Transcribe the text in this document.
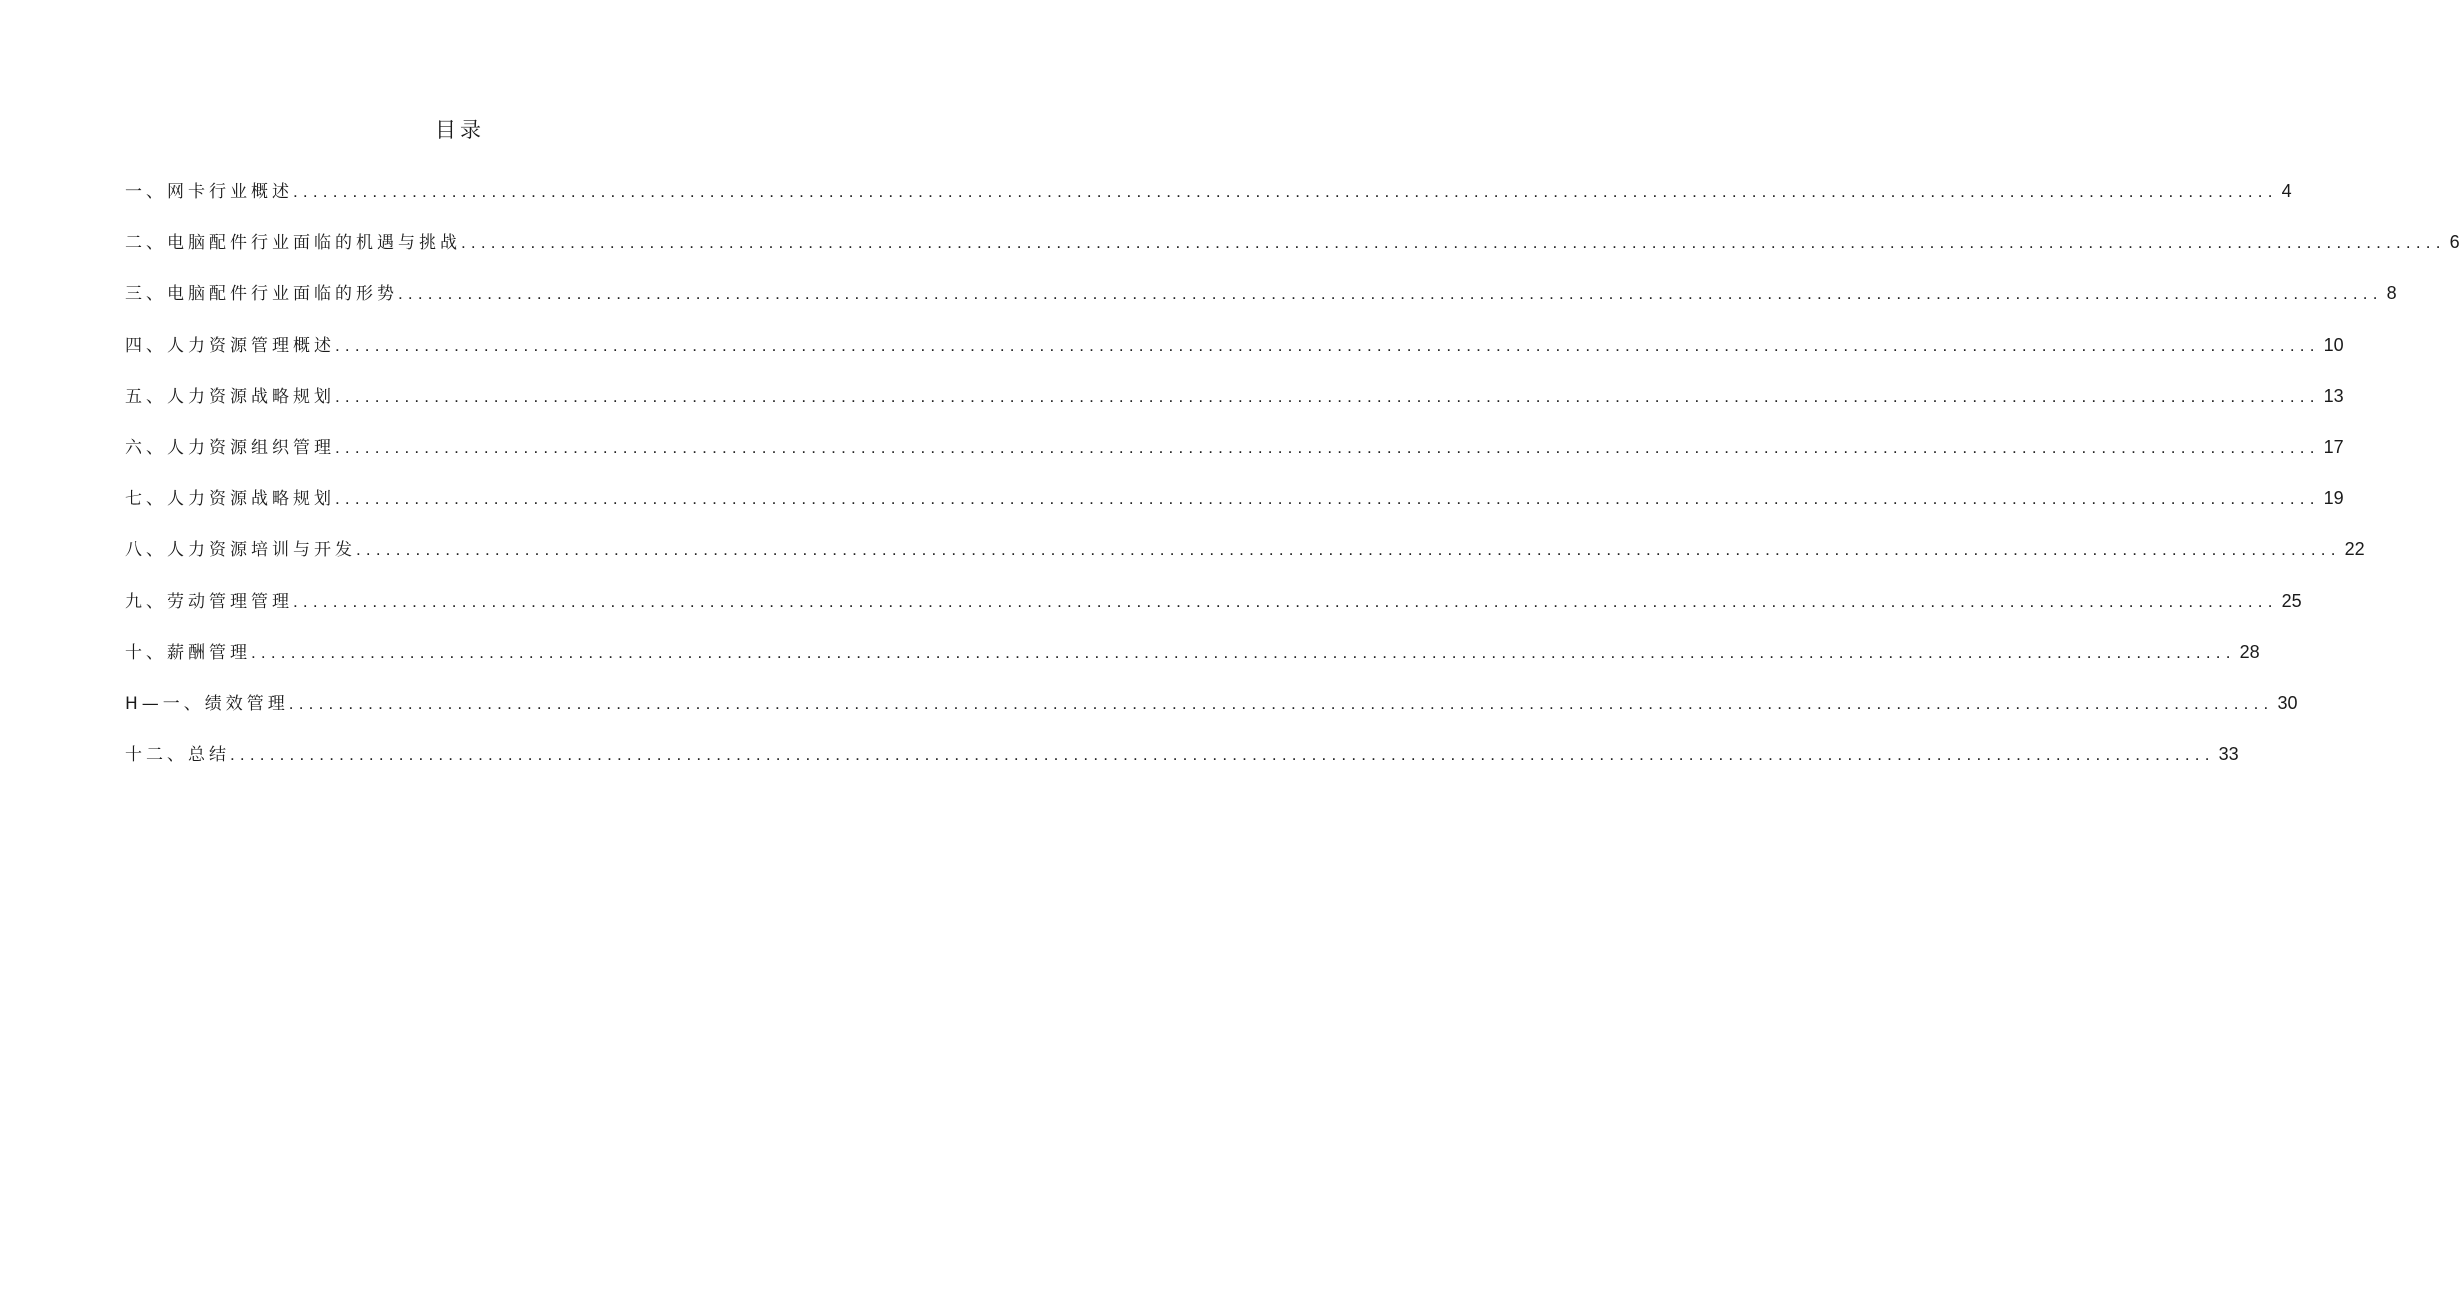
目录
一、网卡行业概述 ........................................................................................................................................................................................................ 4
二、电脑配件行业面临的机遇与挑战 ........................................................................................................................................................................................................ 6
三、电脑配件行业面临的形势 ........................................................................................................................................................................................................ 8
四、人力资源管理概述 ........................................................................................................................................................................................................ 10
五、人力资源战略规划 ........................................................................................................................................................................................................ 13
六、人力资源组织管理 ........................................................................................................................................................................................................ 17
七、人力资源战略规划 ........................................................................................................................................................................................................ 19
八、人力资源培训与开发 ........................................................................................................................................................................................................ 22
九、劳动管理管理 ........................................................................................................................................................................................................ 25
十、薪酬管理 ........................................................................................................................................................................................................ 28
H—一、绩效管理 ........................................................................................................................................................................................................ 30
十二、总结 ........................................................................................................................................................................................................ 33
